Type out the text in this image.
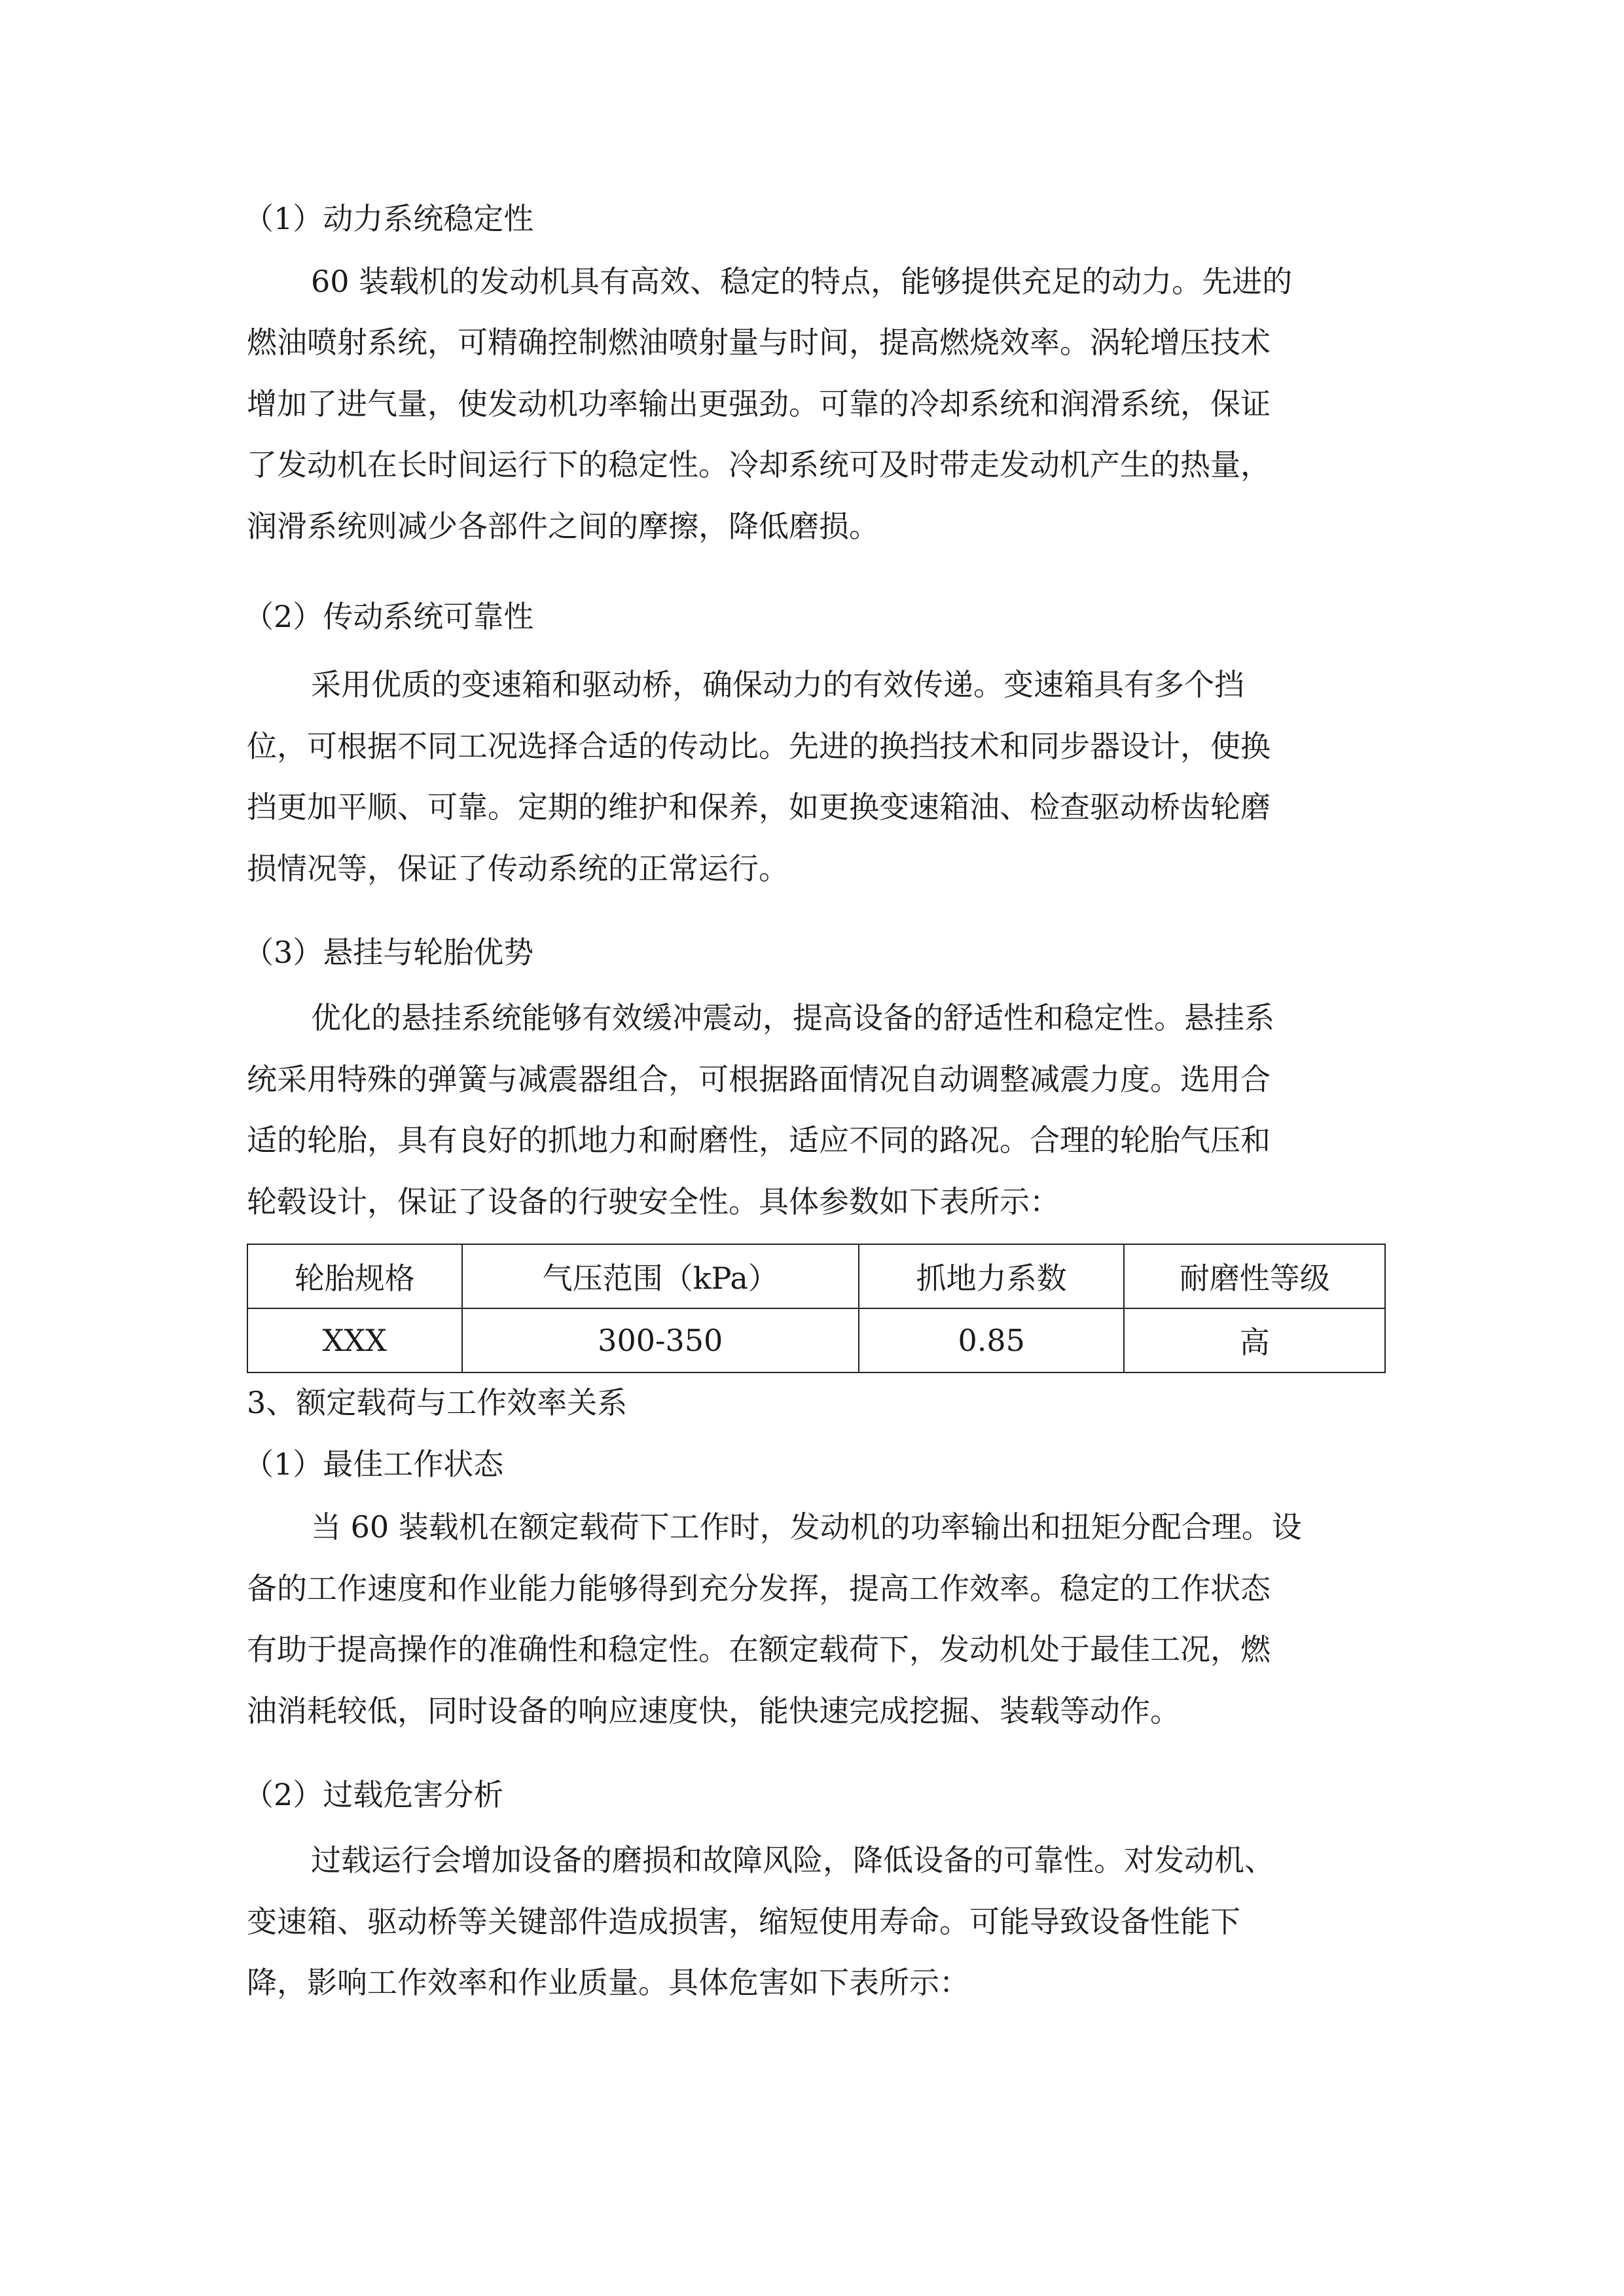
（1）动力系统稳定性
60 装载机的发动机具有高效、稳定的特点，能够提供充足的动力。先进的
燃油喷射系统，可精确控制燃油喷射量与时间，提高燃烧效率。涡轮增压技术
增加了进气量，使发动机功率输出更强劲。可靠的冷却系统和润滑系统，保证
了发动机在长时间运行下的稳定性。冷却系统可及时带走发动机产生的热量，
润滑系统则减少各部件之间的摩擦，降低磨损。
（2）传动系统可靠性
采用优质的变速箱和驱动桥，确保动力的有效传递。变速箱具有多个挡
位，可根据不同工况选择合适的传动比。先进的换挡技术和同步器设计，使换
挡更加平顺、可靠。定期的维护和保养，如更换变速箱油、检查驱动桥齿轮磨
损情况等，保证了传动系统的正常运行。
（3）悬挂与轮胎优势
优化的悬挂系统能够有效缓冲震动，提高设备的舒适性和稳定性。悬挂系
统采用特殊的弹簧与减震器组合，可根据路面情况自动调整减震力度。选用合
适的轮胎，具有良好的抓地力和耐磨性，适应不同的路况。合理的轮胎气压和
轮毂设计，保证了设备的行驶安全性。具体参数如下表所示：
轮胎规格	气压范围（kPa）	抓地力系数	耐磨性等级
XXX	300-350	0.85	高
3、额定载荷与工作效率关系
（1）最佳工作状态
当 60 装载机在额定载荷下工作时，发动机的功率输出和扭矩分配合理。设
备的工作速度和作业能力能够得到充分发挥，提高工作效率。稳定的工作状态
有助于提高操作的准确性和稳定性。在额定载荷下，发动机处于最佳工况，燃
油消耗较低，同时设备的响应速度快，能快速完成挖掘、装载等动作。
（2）过载危害分析
过载运行会增加设备的磨损和故障风险，降低设备的可靠性。对发动机、
变速箱、驱动桥等关键部件造成损害，缩短使用寿命。可能导致设备性能下
降，影响工作效率和作业质量。具体危害如下表所示：
